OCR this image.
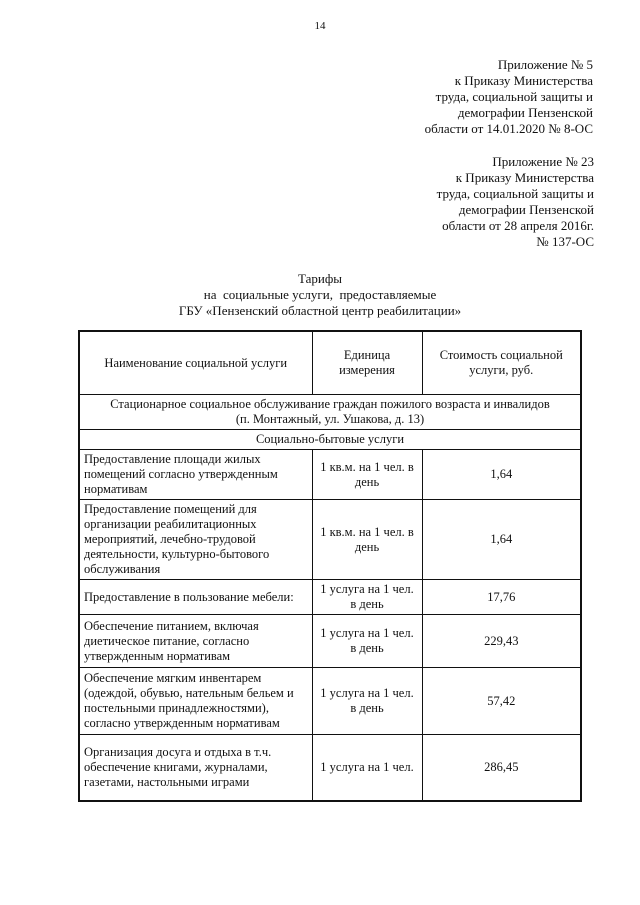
14
Приложение № 5
к Приказу Министерства
труда, социальной защиты и
демографии Пензенской
области от 14.01.2020 № 8-ОС
Приложение № 23
к Приказу Министерства
труда, социальной защиты и
демографии Пензенской
области от 28 апреля 2016г.
№ 137-ОС
Тарифы
на  социальные услуги,  предоставляемые
ГБУ «Пензенский областной центр реабилитации»
Наименование социальной услуги	Единица измерения	Стоимость социальной услуги, руб.

Стационарное социальное обслуживание граждан пожилого возраста и инвалидов
(п. Монтажный, ул. Ушакова, д. 13)		

Социально-бытовые услуги		
Предоставление площади жилых помещений согласно утвержденным нормативам	1 кв.м. на 1 чел. в день	1,64
Предоставление помещений для организации реабилитационных мероприятий, лечебно-трудовой деятельности, культурно-бытового обслуживания	1 кв.м. на 1 чел. в день	1,64
Предоставление в пользование мебели:	1 услуга на 1 чел. в день	17,76
Обеспечение питанием, включая диетическое питание, согласно утвержденным нормативам	1 услуга на 1 чел. в день	229,43
Обеспечение мягким инвентарем (одеждой, обувью, нательным бельем и постельными принадлежностями), согласно утвержденным нормативам	1 услуга на 1 чел. в день	57,42
Организация досуга и отдыха в т.ч. обеспечение книгами, журналами, газетами, настольными играми	1 услуга на 1 чел.	286,45
